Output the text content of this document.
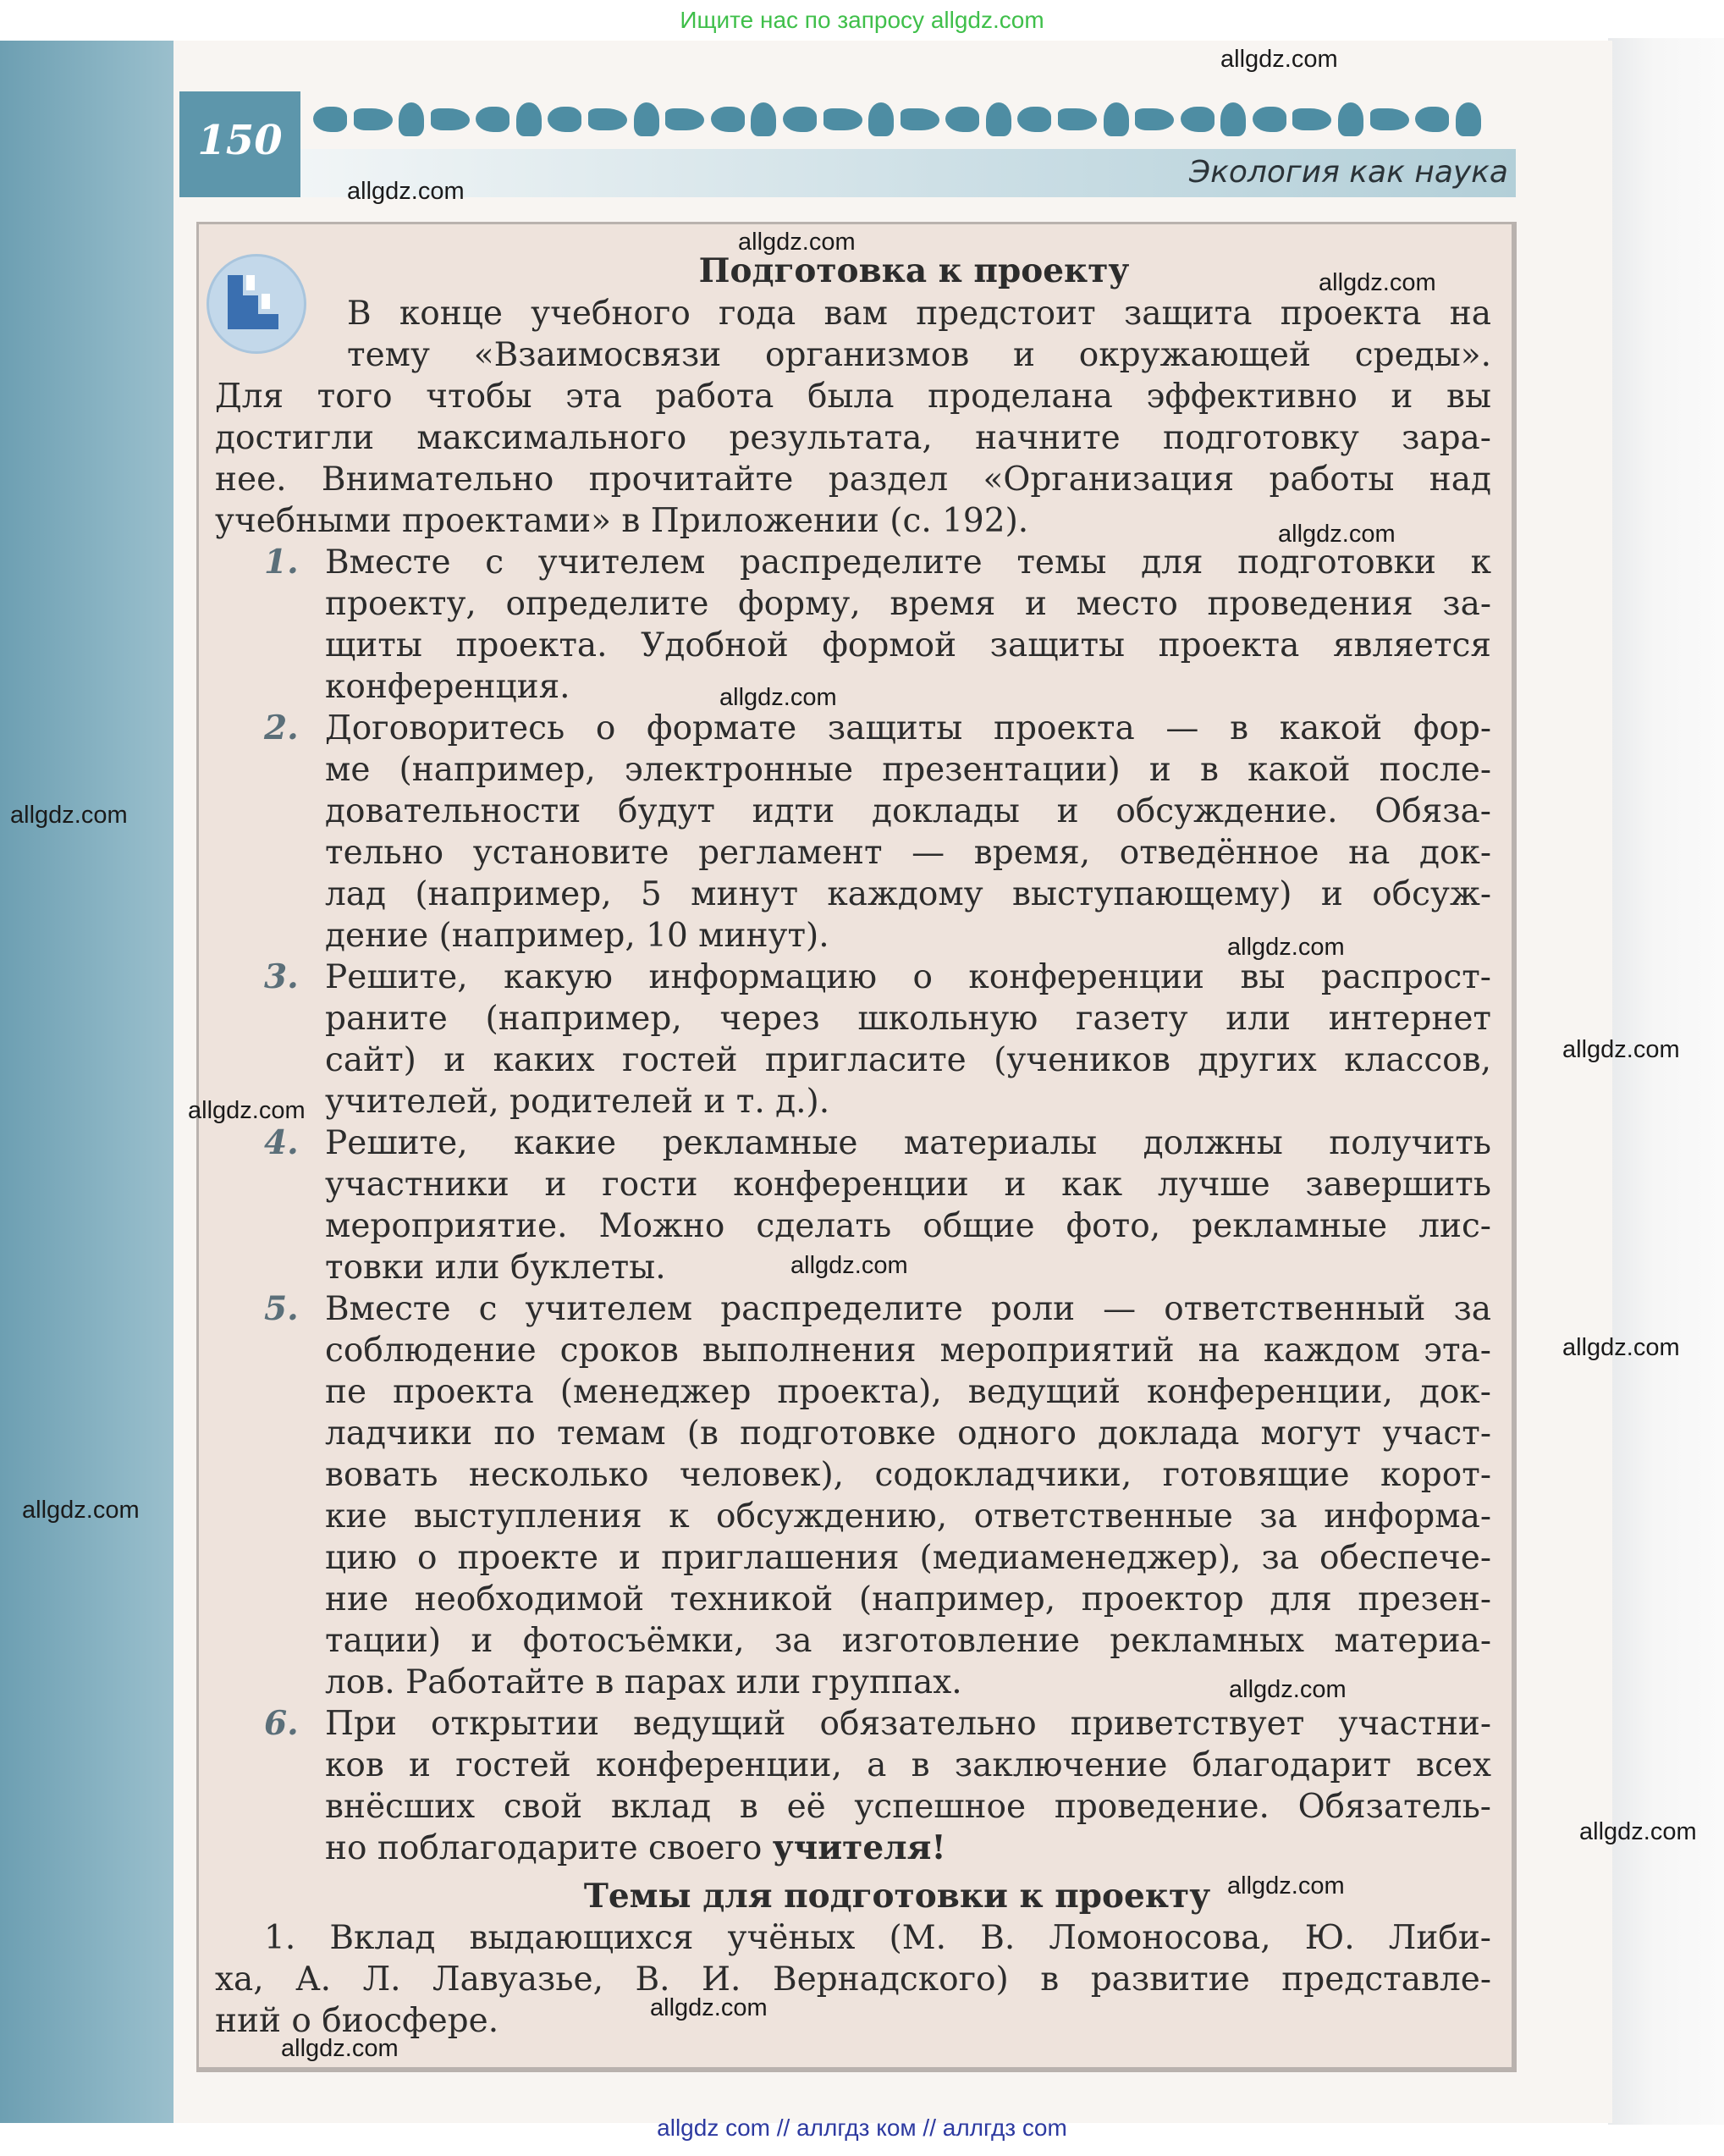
Ищите нас по запросу allgdz.com
150
Экология как наука
Подготовка к проекту
В конце учебного года вам предстоит защита проекта на
тему «Взаимосвязи организмов и окружающей среды».
Для того чтобы эта работа была проделана эффективно и вы
достигли максимального результата, начните подготовку зара-
нее. Внимательно прочитайте раздел «Организация работы над
учебными проектами» в Приложении (с. 192).
1. Вместе с учителем распределите темы для подготовки к
проекту, определите форму, время и место проведения за-
щиты проекта. Удобной формой защиты проекта является
конференция.
2. Договоритесь о формате защиты проекта — в какой фор-
ме (например, электронные презентации) и в какой после-
довательности будут идти доклады и обсуждение. Обяза-
тельно установите регламент — время, отведённое на док-
лад (например, 5 минут каждому выступающему) и обсуж-
дение (например, 10 минут).
3. Решите, какую информацию о конференции вы распрост-
раните (например, через школьную газету или интернет
сайт) и каких гостей пригласите (учеников других классов,
учителей, родителей и т. д.).
4. Решите, какие рекламные материалы должны получить
участники и гости конференции и как лучше завершить
мероприятие. Можно сделать общие фото, рекламные лис-
товки или буклеты.
5. Вместе с учителем распределите роли — ответственный за
соблюдение сроков выполнения мероприятий на каждом эта-
пе проекта (менеджер проекта), ведущий конференции, док-
ладчики по темам (в подготовке одного доклада могут участ-
вовать несколько человек), содокладчики, готовящие корот-
кие выступления к обсуждению, ответственные за информа-
цию о проекте и приглашения (медиаменеджер), за обеспече-
ние необходимой техникой (например, проектор для презен-
тации) и фотосъёмки, за изготовление рекламных материа-
лов. Работайте в парах или группах.
6. При открытии ведущий обязательно приветствует участни-
ков и гостей конференции, а в заключение благодарит всех
внёсших свой вклад в её успешное проведение. Обязатель-
но поблагодарите своего учителя!
Темы для подготовки к проекту
1. Вклад выдающихся учёных (М. В. Ломоносова, Ю. Либи-
ха, А. Л. Лавуазье, В. И. Вернадского) в развитие представле-
ний о биосфере.
allgdz.com
allgdz.com
allgdz.com
allgdz.com
allgdz.com
allgdz.com
allgdz.com
allgdz.com
allgdz.com
allgdz.com
allgdz.com
allgdz.com
allgdz.com
allgdz.com
allgdz.com
allgdz.com
allgdz.com
allgdz.com
allgdz com // аллгдз ком // аллгдз com
